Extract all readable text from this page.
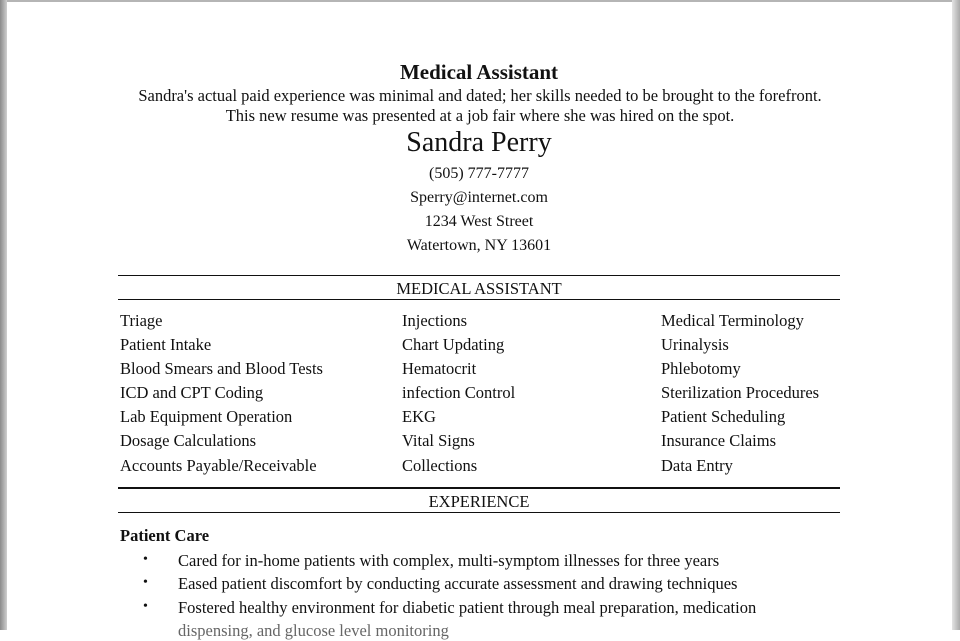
Medical Assistant
Sandra's actual paid experience was minimal and dated; her skills needed to be brought to the forefront. This new resume was presented at a job fair where she was hired on the spot.
Sandra Perry
(505) 777-7777
Sperry@internet.com
1234 West Street
Watertown, NY 13601
MEDICAL ASSISTANT
Triage
Patient Intake
Blood Smears and Blood Tests
ICD and CPT Coding
Lab Equipment Operation
Dosage Calculations
Accounts Payable/Receivable
Injections
Chart Updating
Hematocrit
infection Control
EKG
Vital Signs
Collections
Medical Terminology
Urinalysis
Phlebotomy
Sterilization Procedures
Patient Scheduling
Insurance Claims
Data Entry
EXPERIENCE
Patient Care
• Cared for in-home patients with complex, multi-symptom illnesses for three years
• Eased patient discomfort by conducting accurate assessment and drawing techniques
• Fostered healthy environment for diabetic patient through meal preparation, medication
dispensing, and glucose level monitoring
